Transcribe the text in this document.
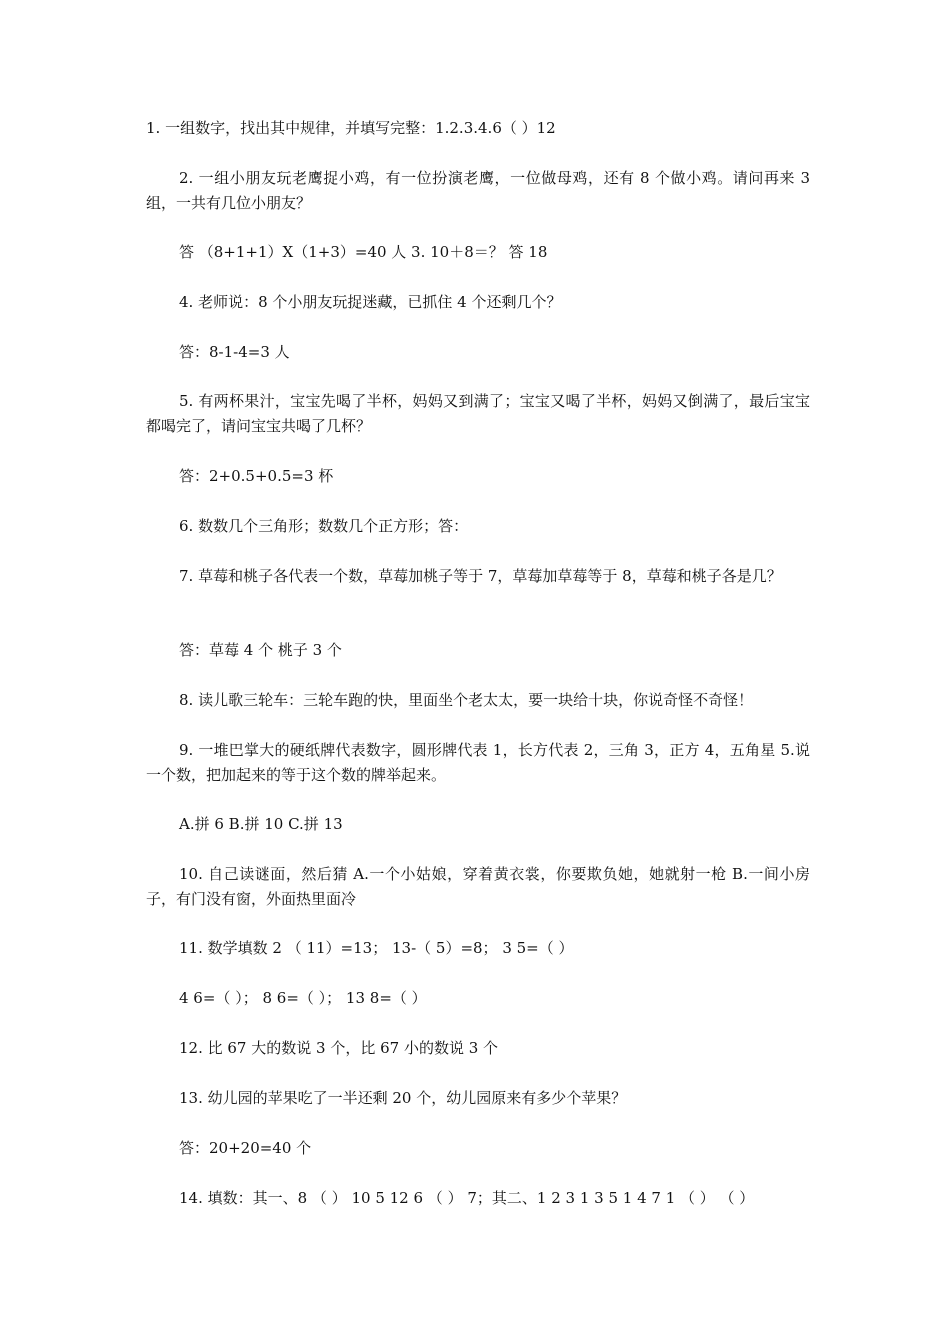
1. 一组数字，找出其中规律，并填写完整：1.2.3.4.6（ ）12

2. 一组小朋友玩老鹰捉小鸡，有一位扮演老鹰，一位做母鸡，还有 8 个做小鸡。请问再来 3 组，一共有几位小朋友？

答 （8+1+1）X（1+3）=40 人 3. 10＋8＝？ 答 18

4. 老师说：8 个小朋友玩捉迷藏，已抓住 4 个还剩几个？

答：8-1-4=3 人

5. 有两杯果汁，宝宝先喝了半杯，妈妈又到满了；宝宝又喝了半杯，妈妈又倒满了，最后宝宝都喝完了，请问宝宝共喝了几杯？

答：2+0.5+0.5=3 杯

6. 数数几个三角形；数数几个正方形；答：

7. 草莓和桃子各代表一个数，草莓加桃子等于 7，草莓加草莓等于 8，草莓和桃子各是几？

答：草莓 4 个 桃子 3 个

8. 读儿歌三轮车：三轮车跑的快，里面坐个老太太，要一块给十块，你说奇怪不奇怪！

9. 一堆巴掌大的硬纸牌代表数字，圆形牌代表 1，长方代表 2，三角 3，正方 4，五角星 5.说一个数，把加起来的等于这个数的牌举起来。

A.拼 6 B.拼 10 C.拼 13

10. 自己读谜面，然后猜 A.一个小姑娘，穿着黄衣裳，你要欺负她，她就射一枪 B.一间小房子，有门没有窗，外面热里面冷

11. 数学填数 2 （ 11）=13； 13-（ 5）=8； 3 5=（ ）

4 6=（ ）； 8 6=（ ）； 13 8=（ ）

12. 比 67 大的数说 3 个，比 67 小的数说 3 个

13. 幼儿园的苹果吃了一半还剩 20 个，幼儿园原来有多少个苹果？

答：20+20=40 个

14. 填数：其一、8 （ ） 10 5 12 6 （ ） 7；其二、1 2 3 1 3 5 1 4 7 1 （ ） （ ）
